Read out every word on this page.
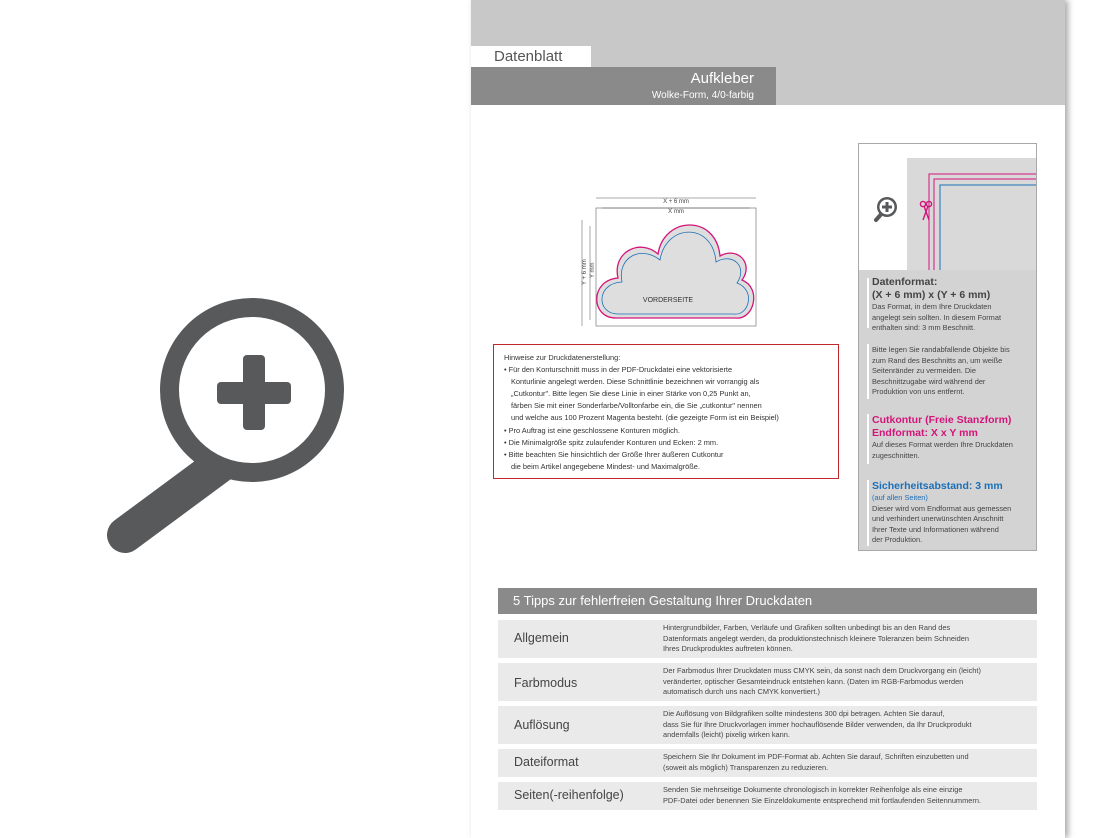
Datenblatt
Aufkleber
Wolke-Form, 4/0-farbig
X + 6 mm
X mm
Y + 6 mm Y mm
VORDERSEITE

Hinweise zur Druckdatenerstellung:

• Für den Konturschnitt muss in der PDF-Druckdatei eine vektorisierte

Konturlinie angelegt werden. Diese Schnittlinie bezeichnen wir vorrangig als

„Cutkontur". Bitte legen Sie diese Linie in einer Stärke von 0,25 Punkt an,

färben Sie mit einer Sonderfarbe/Volltonfarbe ein, die Sie „cutkontur" nennen

und welche aus 100 Prozent Magenta besteht. (die gezeigte Form ist ein Beispiel)

• Pro Auftrag ist eine geschlossene Konturen möglich.

• Die Minimalgröße spitz zulaufender Konturen und Ecken: 2 mm.

• Bitte beachten Sie hinsichtlich der Größe Ihrer äußeren Cutkontur

die beim Artikel angegebene Mindest- und Maximalgröße.

Datenformat:
(X + 6 mm) x (Y + 6 mm)
Das Format, in dem Ihre Druckdaten
angelegt sein sollten. In diesem Format
enthalten sind: 3 mm Beschnitt.
Bitte legen Sie randabfallende Objekte bis
zum Rand des Beschnitts an, um weiße
Seitenränder zu vermeiden. Die
Beschnittzugabe wird während der
Produktion von uns entfernt.
Cutkontur (Freie Stanzform)
Endformat: X x Y mm
Auf dieses Format werden Ihre Druckdaten
zugeschnitten.
Sicherheitsabstand: 3 mm
(auf allen Seiten)
Dieser wird vom Endformat aus gemessen
und verhindert unerwünschten Anschnitt
Ihrer Texte und Informationen während
der Produktion.
5 Tipps zur fehlerfreien Gestaltung Ihrer Druckdaten
Allgemein
Hintergrundbilder, Farben, Verläufe und Grafiken sollten unbedingt bis an den Rand des
Datenformats angelegt werden, da produktionstechnisch kleinere Toleranzen beim Schneiden
Ihres Druckproduktes auftreten können.
Farbmodus
Der Farbmodus Ihrer Druckdaten muss CMYK sein, da sonst nach dem Druckvorgang ein (leicht)
veränderter, optischer Gesamteindruck entstehen kann. (Daten im RGB-Farbmodus werden
automatisch durch uns nach CMYK konvertiert.)
Auflösung
Die Auflösung von Bildgrafiken sollte mindestens 300 dpi betragen. Achten Sie darauf,
dass Sie für Ihre Druckvorlagen immer hochauflösende Bilder verwenden, da Ihr Druckprodukt
andernfalls (leicht) pixelig wirken kann.
Dateiformat	Speichern Sie Ihr Dokument im PDF-Format ab. Achten Sie darauf, Schriften einzubetten und
(soweit als möglich) Transparenzen zu reduzieren.
Seiten(-reihenfolge)	Senden Sie mehrseitige Dokumente chronologisch in korrekter Reihenfolge als eine einzige
PDF-Datei oder benennen Sie Einzeldokumente entsprechend mit fortlaufenden Seitennummern.
